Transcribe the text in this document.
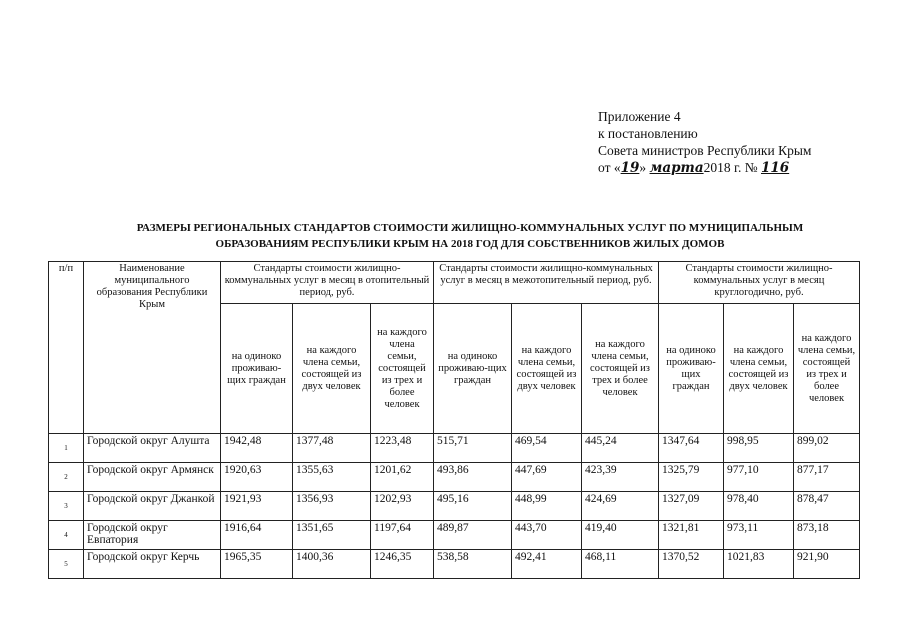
Приложение 4
к постановлению
Совета министров Республики Крым
от «19» марта2018 г. № 116
РАЗМЕРЫ РЕГИОНАЛЬНЫХ СТАНДАРТОВ СТОИМОСТИ ЖИЛИЩНО-КОММУНАЛЬНЫХ УСЛУГ ПО МУНИЦИПАЛЬНЫМ
ОБРАЗОВАНИЯМ РЕСПУБЛИКИ КРЫМ НА 2018 ГОД ДЛЯ СОБСТВЕННИКОВ ЖИЛЫХ ДОМОВ
п/п	Наименование муниципального образования Республики Крым	Стандарты стоимости жилищно-коммунальных услуг в месяц в отопительный период, руб.			Стандарты стоимости жилищно-коммунальных услуг в месяц в межотопительный период, руб.			Стандарты стоимости жилищно-коммунальных услуг в месяц круглогодично, руб.		
		на одиноко проживаю-щих граждан	на каждого члена семьи, состоящей из двух человек	на каждого члена семьи, состоящей из трех и более человек	на одиноко проживаю-щих граждан	на каждого члена семьи, состоящей из двух человек	на каждого члена семьи, состоящей из трех и более человек	на одиноко проживаю-щих граждан	на каждого члена семьи, состоящей из двух человек	на каждого члена семьи, состоящей из трех и более человек
1	Городской округ Алушта	1942,48	1377,48	1223,48	515,71	469,54	445,24	1347,64	998,95	899,02
2	Городской округ Армянск	1920,63	1355,63	1201,62	493,86	447,69	423,39	1325,79	977,10	877,17
3	Городской округ Джанкой	1921,93	1356,93	1202,93	495,16	448,99	424,69	1327,09	978,40	878,47
4	Городской округ Евпатория	1916,64	1351,65	1197,64	489,87	443,70	419,40	1321,81	973,11	873,18
5	Городской округ Керчь	1965,35	1400,36	1246,35	538,58	492,41	468,11	1370,52	1021,83	921,90
